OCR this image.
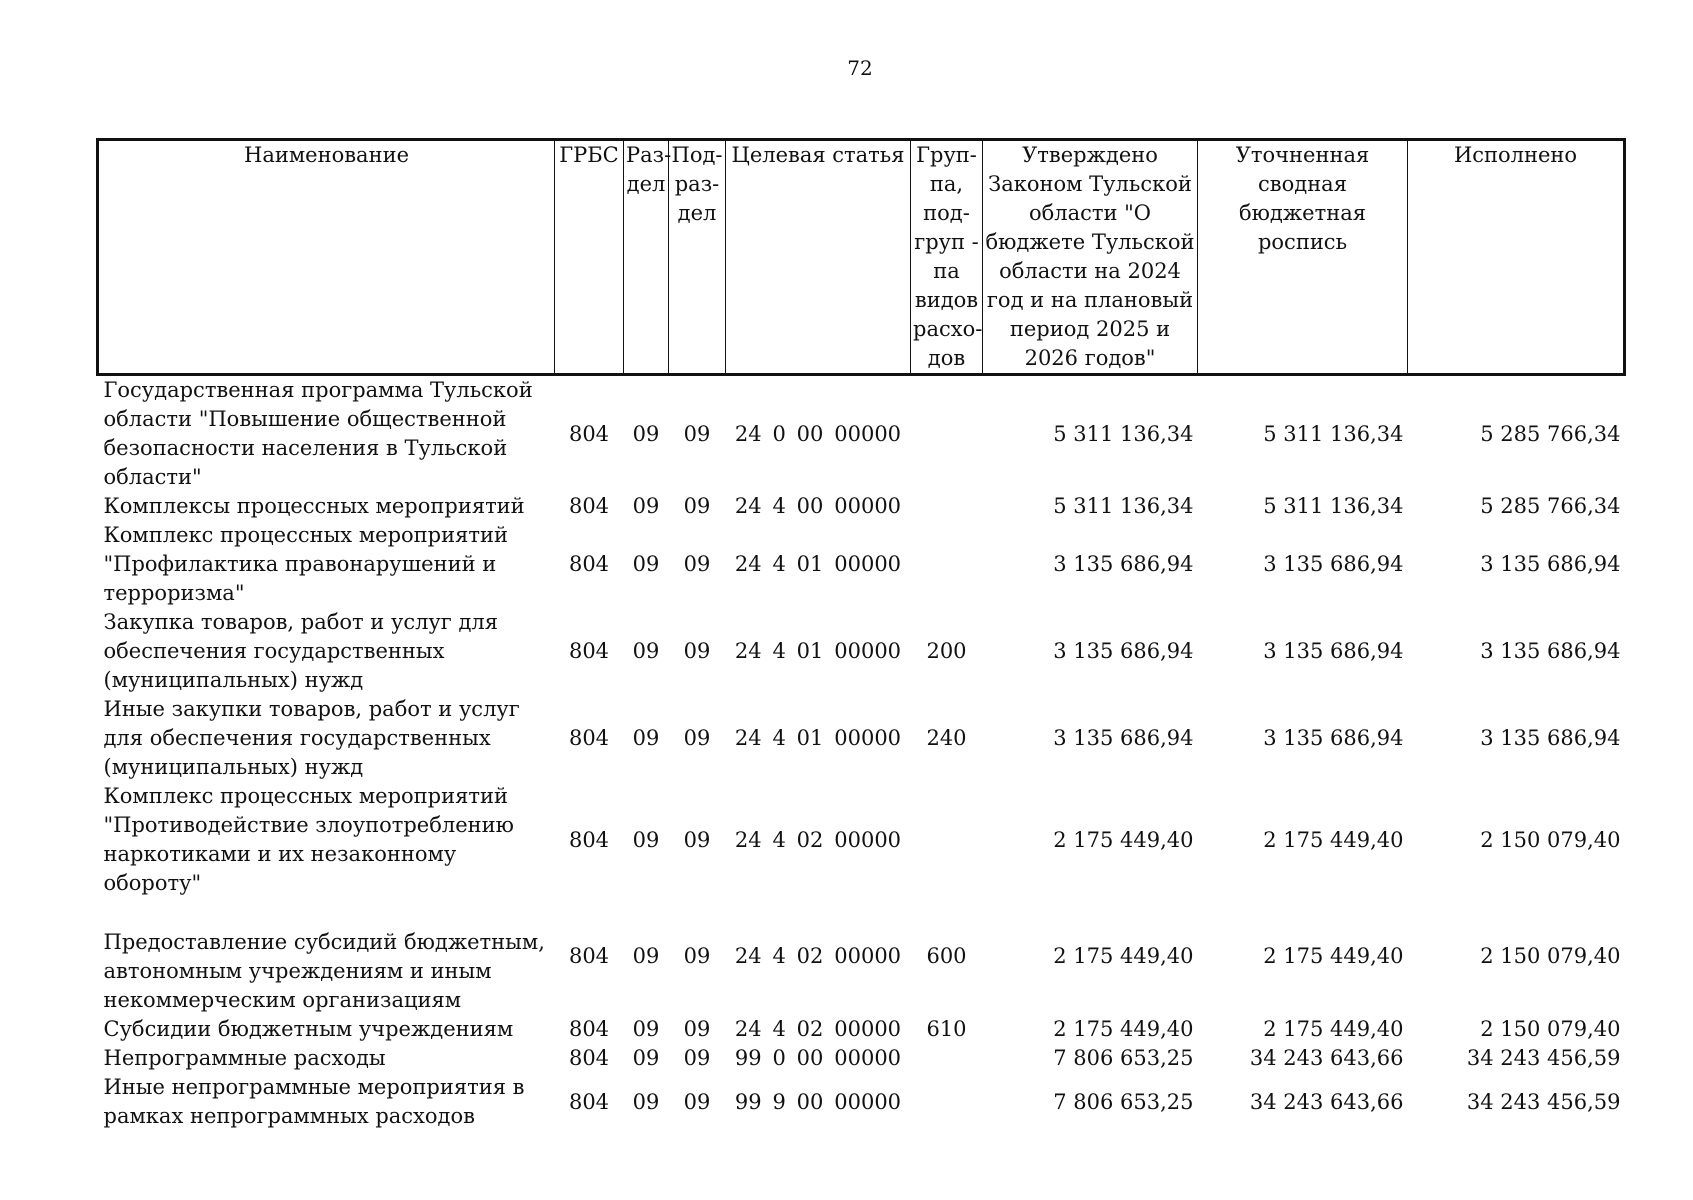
72
Наименование	ГРБС	Раз-дел	Под-раз-дел	Целевая статья	Груп-па, под-груп - па видов расхо-дов	Утверждено Законом Тульской области "О бюджете Тульской области на 2024 год и на плановый период 2025 и 2026 годов"	Уточненная сводная бюджетная роспись	Исполнено
Государственная программа Тульской области "Повышение общественной безопасности населения в Тульской области"	804	09	09	24 0 00 00000		5 311 136,34	5 311 136,34	5 285 766,34
Комплексы процессных мероприятий	804	09	09	24 4 00 00000		5 311 136,34	5 311 136,34	5 285 766,34
Комплекс процессных мероприятий "Профилактика правонарушений и терроризма"	804	09	09	24 4 01 00000		3 135 686,94	3 135 686,94	3 135 686,94
Закупка товаров, работ и услуг для обеспечения государственных (муниципальных) нужд	804	09	09	24 4 01 00000	200	3 135 686,94	3 135 686,94	3 135 686,94
Иные закупки товаров, работ и услуг для обеспечения государственных (муниципальных) нужд	804	09	09	24 4 01 00000	240	3 135 686,94	3 135 686,94	3 135 686,94
Комплекс процессных мероприятий "Противодействие злоупотреблению наркотиками и их незаконному обороту"	804	09	09	24 4 02 00000		2 175 449,40	2 175 449,40	2 150 079,40
Предоставление субсидий бюджетным, автономным учреждениям и иным некоммерческим организациям	804	09	09	24 4 02 00000	600	2 175 449,40	2 175 449,40	2 150 079,40
Субсидии бюджетным учреждениям	804	09	09	24 4 02 00000	610	2 175 449,40	2 175 449,40	2 150 079,40
Непрограммные расходы	804	09	09	99 0 00 00000		7 806 653,25	34 243 643,66	34 243 456,59
Иные непрограммные мероприятия в рамках непрограммных расходов	804	09	09	99 9 00 00000		7 806 653,25	34 243 643,66	34 243 456,59
